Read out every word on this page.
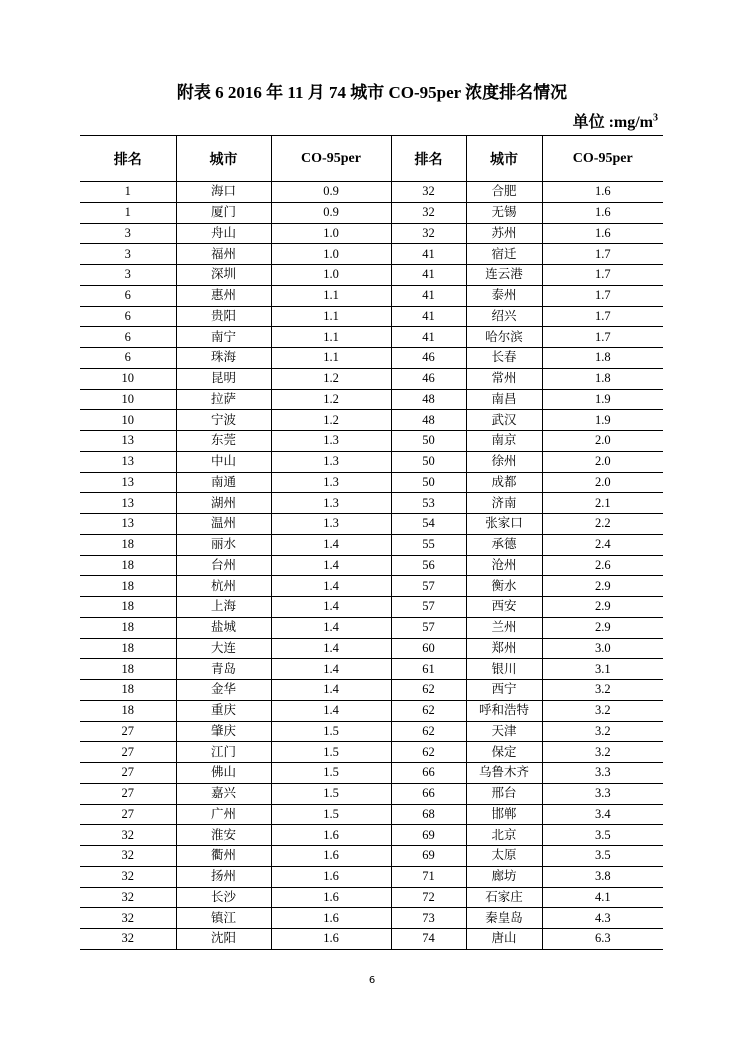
附表 6 2016 年 11 月 74 城市 CO-95per 浓度排名情况
单位 $:mg/m^3$
排名	城市	CO-95per	排名	城市	CO-95per
1	海口	0.9	32	合肥	1.6
1	厦门	0.9	32	无锡	1.6
3	舟山	1.0	32	苏州	1.6
3	福州	1.0	41	宿迁	1.7
3	深圳	1.0	41	连云港	1.7
6	惠州	1.1	41	泰州	1.7
6	贵阳	1.1	41	绍兴	1.7
6	南宁	1.1	41	哈尔滨	1.7
6	珠海	1.1	46	长春	1.8
10	昆明	1.2	46	常州	1.8
10	拉萨	1.2	48	南昌	1.9
10	宁波	1.2	48	武汉	1.9
13	东莞	1.3	50	南京	2.0
13	中山	1.3	50	徐州	2.0
13	南通	1.3	50	成都	2.0
13	湖州	1.3	53	济南	2.1
13	温州	1.3	54	张家口	2.2
18	丽水	1.4	55	承德	2.4
18	台州	1.4	56	沧州	2.6
18	杭州	1.4	57	衡水	2.9
18	上海	1.4	57	西安	2.9
18	盐城	1.4	57	兰州	2.9
18	大连	1.4	60	郑州	3.0
18	青岛	1.4	61	银川	3.1
18	金华	1.4	62	西宁	3.2
18	重庆	1.4	62	呼和浩特	3.2
27	肇庆	1.5	62	天津	3.2
27	江门	1.5	62	保定	3.2
27	佛山	1.5	66	乌鲁木齐	3.3
27	嘉兴	1.5	66	邢台	3.3
27	广州	1.5	68	邯郸	3.4
32	淮安	1.6	69	北京	3.5
32	衢州	1.6	69	太原	3.5
32	扬州	1.6	71	廊坊	3.8
32	长沙	1.6	72	石家庄	4.1
32	镇江	1.6	73	秦皇岛	4.3
32	沈阳	1.6	74	唐山	6.3
6
